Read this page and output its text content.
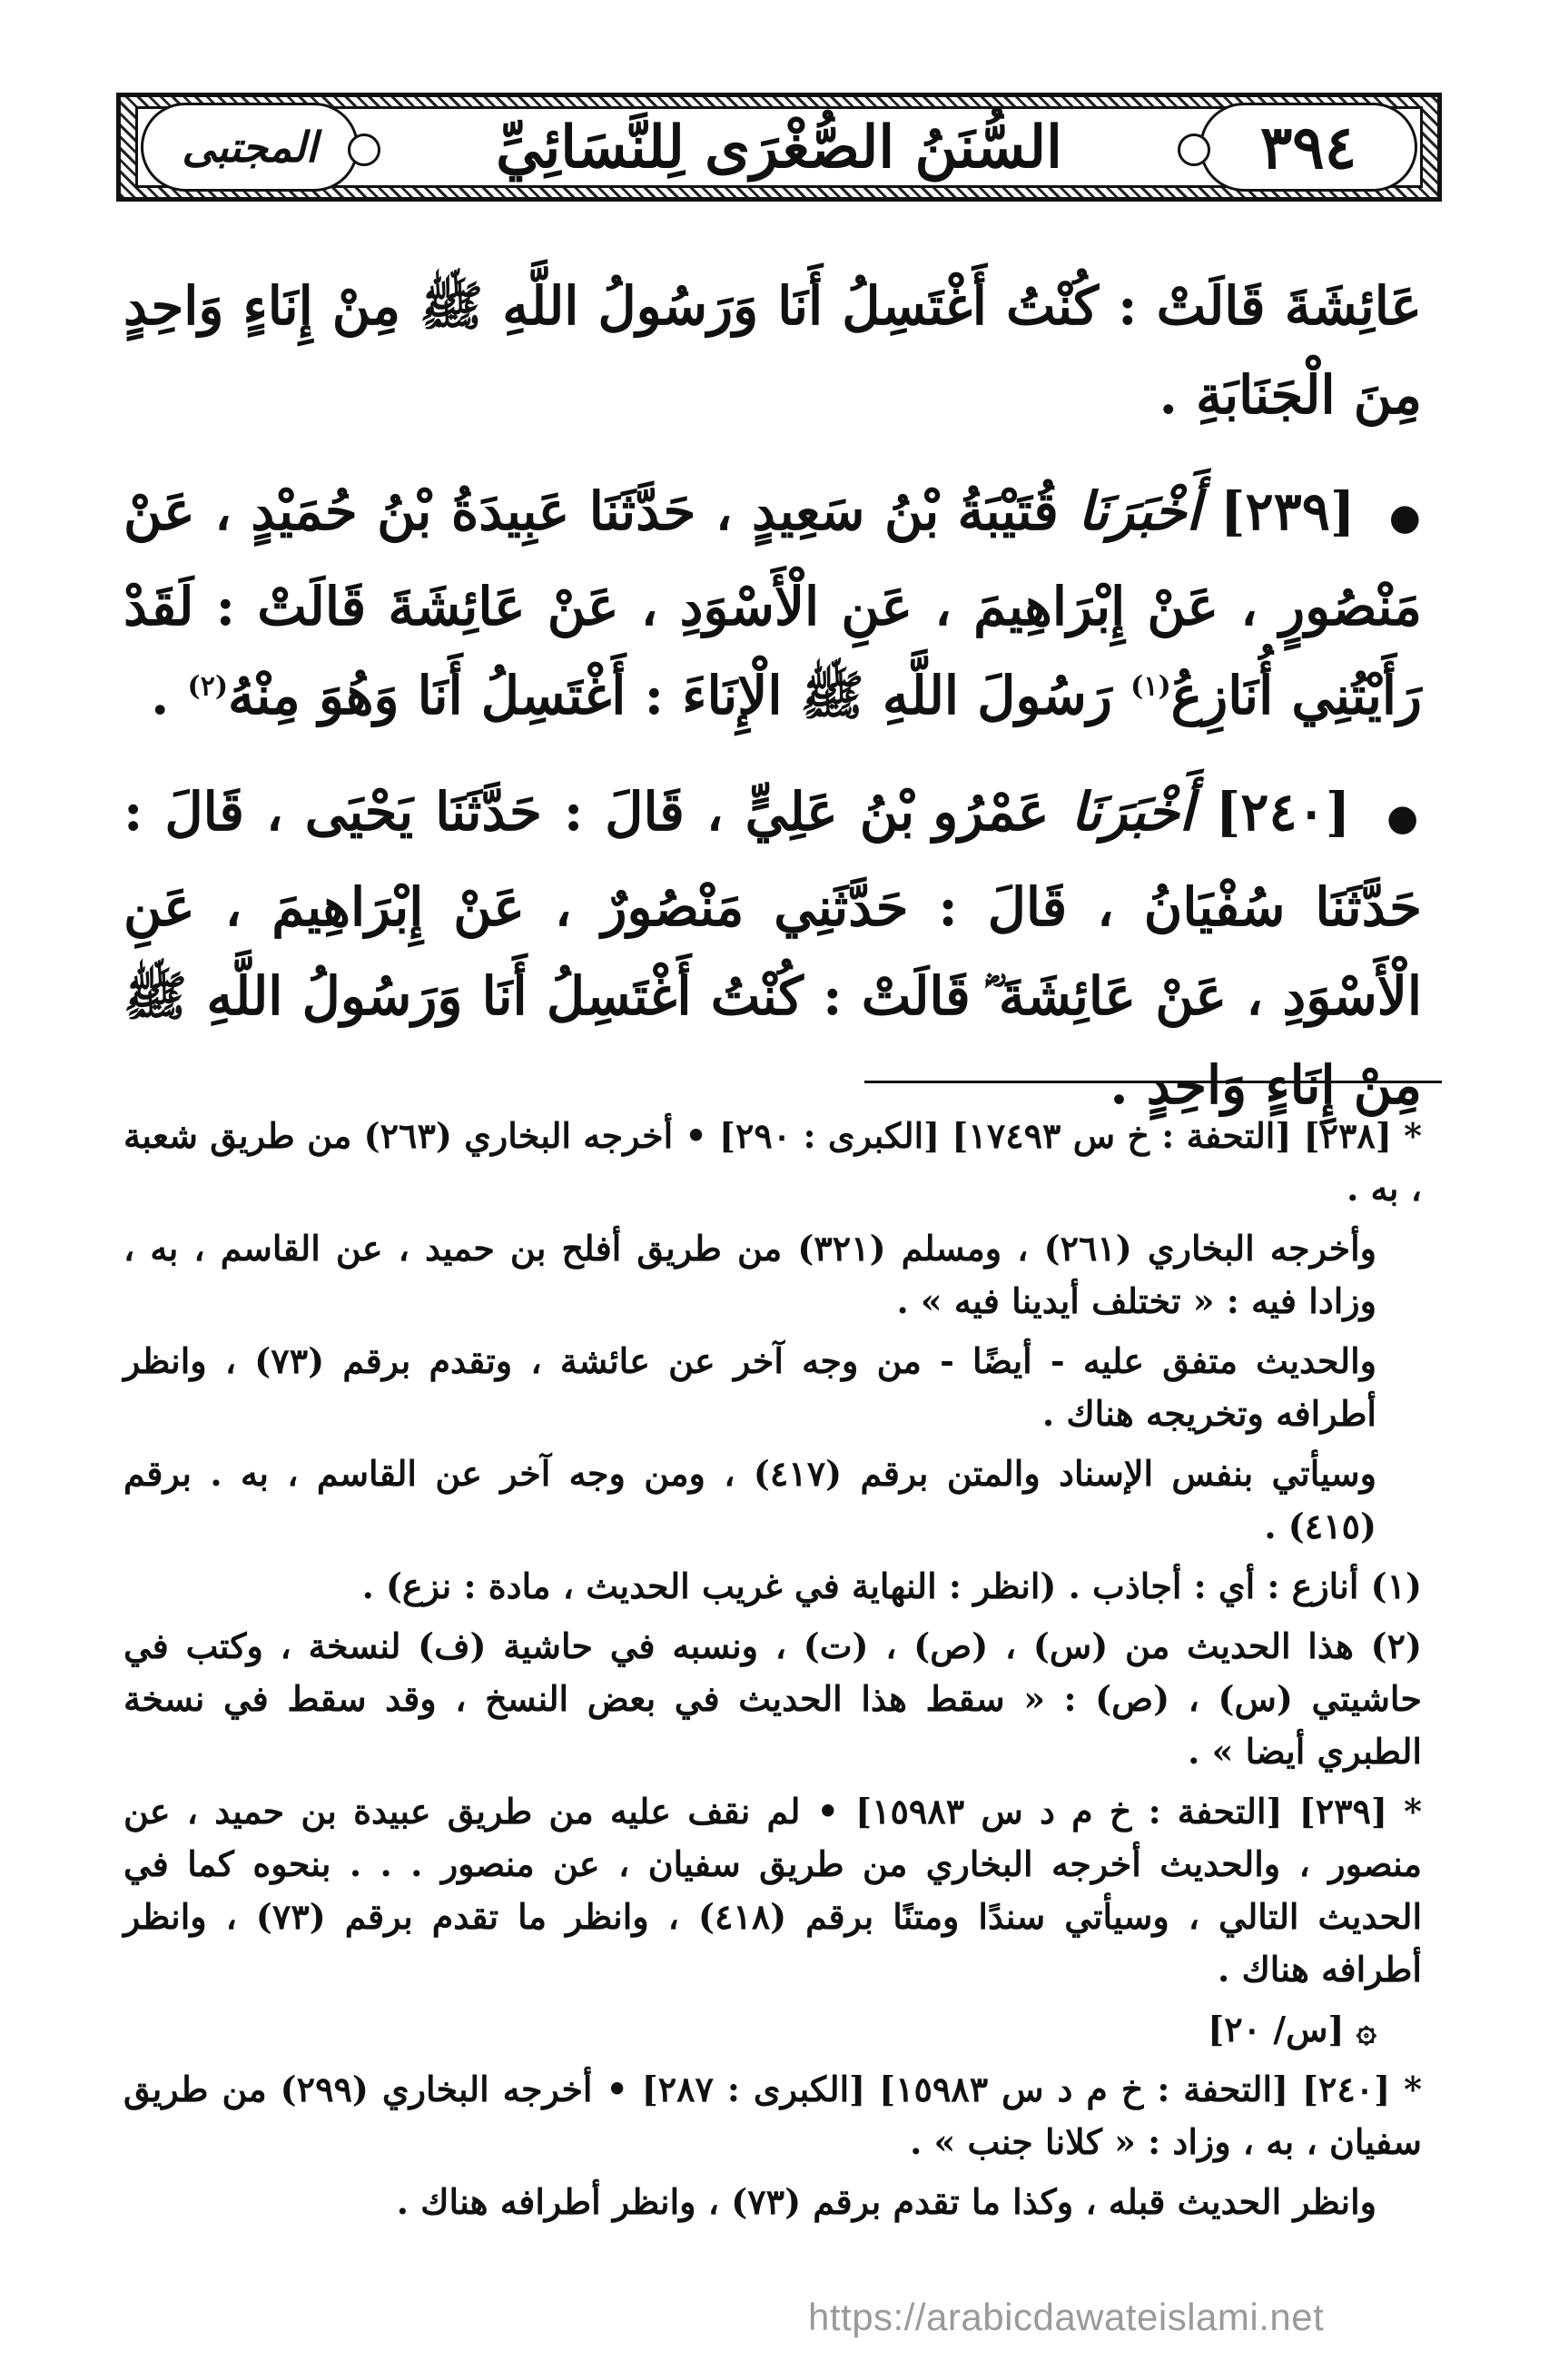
المجتبى	السُّنَنُ الصُّغْرَى لِلنَّسَائِيِّ	٣٩٤

عَائِشَةَ قَالَتْ : كُنْتُ أَغْتَسِلُ أَنَا وَرَسُولُ اللَّهِ ﷺ مِنْ إِنَاءٍ وَاحِدٍ مِنَ الْجَنَابَةِ .

● [٢٣٩] أَخْبَرَنَا قُتَيْبَةُ بْنُ سَعِيدٍ ، حَدَّثَنَا عَبِيدَةُ بْنُ حُمَيْدٍ ، عَنْ مَنْصُورٍ ، عَنْ إِبْرَاهِيمَ ، عَنِ الْأَسْوَدِ ، عَنْ عَائِشَةَ قَالَتْ : لَقَدْ رَأَيْتُنِي أُنَازِعُ$^{(١)}$ رَسُولَ اللَّهِ ﷺ الْإِنَاءَ : أَغْتَسِلُ أَنَا وَهُوَ مِنْهُ$^{(٢)}$ .

● [٢٤٠] أَخْبَرَنَا عَمْرُو بْنُ عَلِيٍّ ، قَالَ : حَدَّثَنَا يَحْيَى ، قَالَ : حَدَّثَنَا سُفْيَانُ ، قَالَ : حَدَّثَنِي مَنْصُورٌ ، عَنْ إِبْرَاهِيمَ ، عَنِ الْأَسْوَدِ ، عَنْ عَائِشَةَ ؓ قَالَتْ : كُنْتُ أَغْتَسِلُ أَنَا وَرَسُولُ اللَّهِ ﷺ مِنْ إِنَاءٍ وَاحِدٍ .

* [٢٣٨] [التحفة : خ س ١٧٤٩٣] [الكبرى : ٢٩٠] • أخرجه البخاري (٢٦٣) من طريق شعبة ، به .

وأخرجه البخاري (٢٦١) ، ومسلم (٣٢١) من طريق أفلح بن حميد ، عن القاسم ، به ، وزادا فيه : « تختلف أيدينا فيه » .

والحديث متفق عليه - أيضًا - من وجه آخر عن عائشة ، وتقدم برقم (٧٣) ، وانظر أطرافه وتخريجه هناك .

وسيأتي بنفس الإسناد والمتن برقم (٤١٧) ، ومن وجه آخر عن القاسم ، به . برقم (٤١٥) .

(١) أنازع : أي : أجاذب . (انظر : النهاية في غريب الحديث ، مادة : نزع) .

(٢) هذا الحديث من (س) ، (ص) ، (ت) ، ونسبه في حاشية (ف) لنسخة ، وكتب في حاشيتي (س) ، (ص) : « سقط هذا الحديث في بعض النسخ ، وقد سقط في نسخة الطبري أيضا » .

* [٢٣٩] [التحفة : خ م د س ١٥٩٨٣] • لم نقف عليه من طريق عبيدة بن حميد ، عن منصور ، والحديث أخرجه البخاري من طريق سفيان ، عن منصور . . . بنحوه كما في الحديث التالي ، وسيأتي سندًا ومتنًا برقم (٤١٨) ، وانظر ما تقدم برقم (٧٣) ، وانظر أطرافه هناك .

۞ [س/ ٢٠]

* [٢٤٠] [التحفة : خ م د س ١٥٩٨٣] [الكبرى : ٢٨٧] • أخرجه البخاري (٢٩٩) من طريق سفيان ، به ، وزاد : « كلانا جنب » .

وانظر الحديث قبله ، وكذا ما تقدم برقم (٧٣) ، وانظر أطرافه هناك .

https://arabicdawateislami.net
